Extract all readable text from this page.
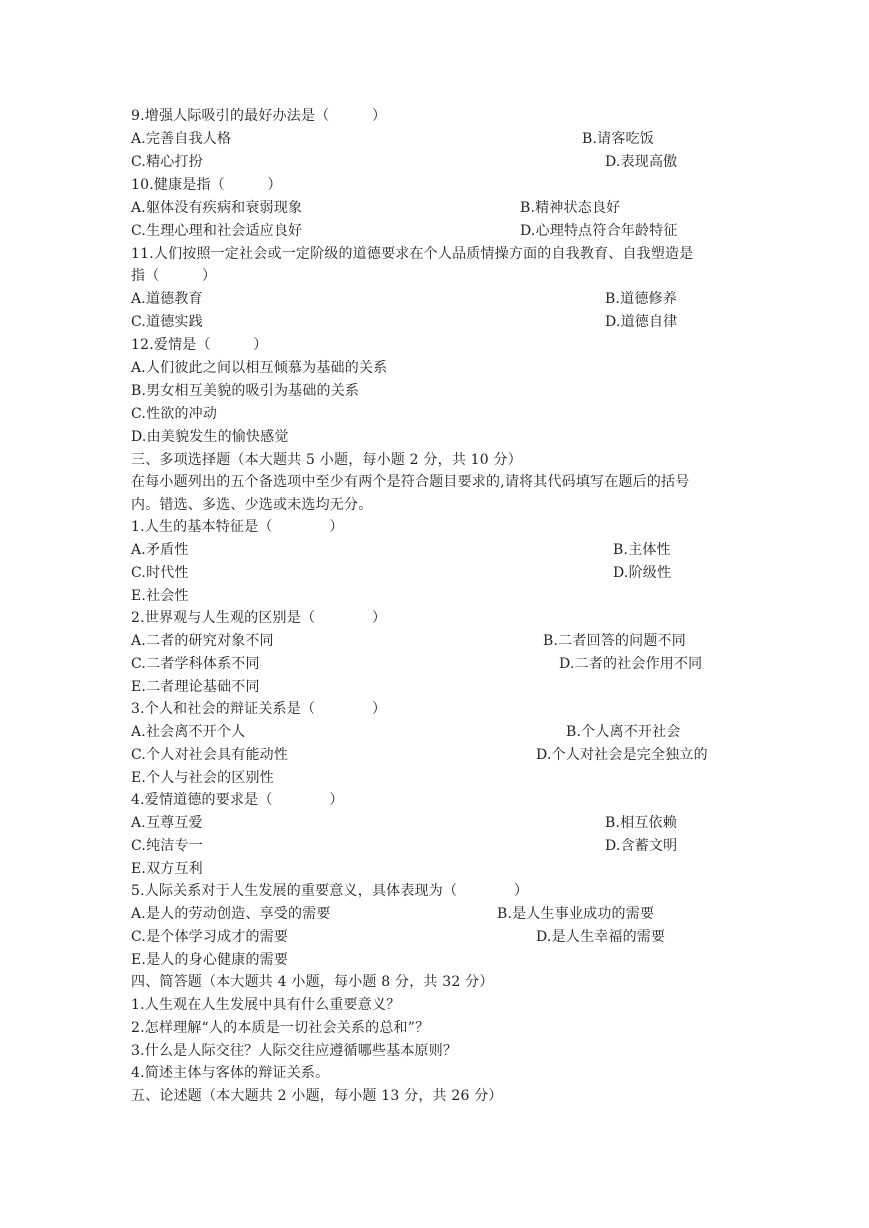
9.增强人际吸引的最好办法是（　　　）
A.完善自我人格	B.请客吃饭
C.精心打扮	D.表现高傲
10.健康是指（　　　）
A.躯体没有疾病和衰弱现象	B.精神状态良好
C.生理心理和社会适应良好	D.心理特点符合年龄特征
11.人们按照一定社会或一定阶级的道德要求在个人品质情操方面的自我教育、自我塑造是
指（　　　）
A.道德教育	B.道德修养
C.道德实践	D.道德自律
12.爱情是（　　　）
A.人们彼此之间以相互倾慕为基础的关系
B.男女相互美貌的吸引为基础的关系
C.性欲的冲动
D.由美貌发生的愉快感觉
三、多项选择题（本大题共 5 小题，每小题 2 分，共 10 分）
在每小题列出的五个备选项中至少有两个是符合题目要求的,请将其代码填写在题后的括号
内。错选、多选、少选或未选均无分。
1.人生的基本特征是（　　　　）
A.矛盾性	B.主体性
C.时代性	D.阶级性
E.社会性
2.世界观与人生观的区别是（　　　　）
A.二者的研究对象不同	B.二者回答的问题不同
C.二者学科体系不同	D.二者的社会作用不同
E.二者理论基础不同
3.个人和社会的辩证关系是（　　　　）
A.社会离不开个人	B.个人离不开社会
C.个人对社会具有能动性	D.个人对社会是完全独立的
E.个人与社会的区别性
4.爱情道德的要求是（　　　　）
A.互尊互爱	B.相互依赖
C.纯洁专一	D.含蓄文明
E.双方互利
5.人际关系对于人生发展的重要意义，具体表现为（　　　　）
A.是人的劳动创造、享受的需要	B.是人生事业成功的需要
C.是个体学习成才的需要	D.是人生幸福的需要
E.是人的身心健康的需要
四、简答题（本大题共 4 小题，每小题 8 分，共 32 分）
1.人生观在人生发展中具有什么重要意义？
2.怎样理解“人的本质是一切社会关系的总和”？
3.什么是人际交往？人际交往应遵循哪些基本原则？
4.简述主体与客体的辩证关系。
五、论述题（本大题共 2 小题，每小题 13 分，共 26 分）
